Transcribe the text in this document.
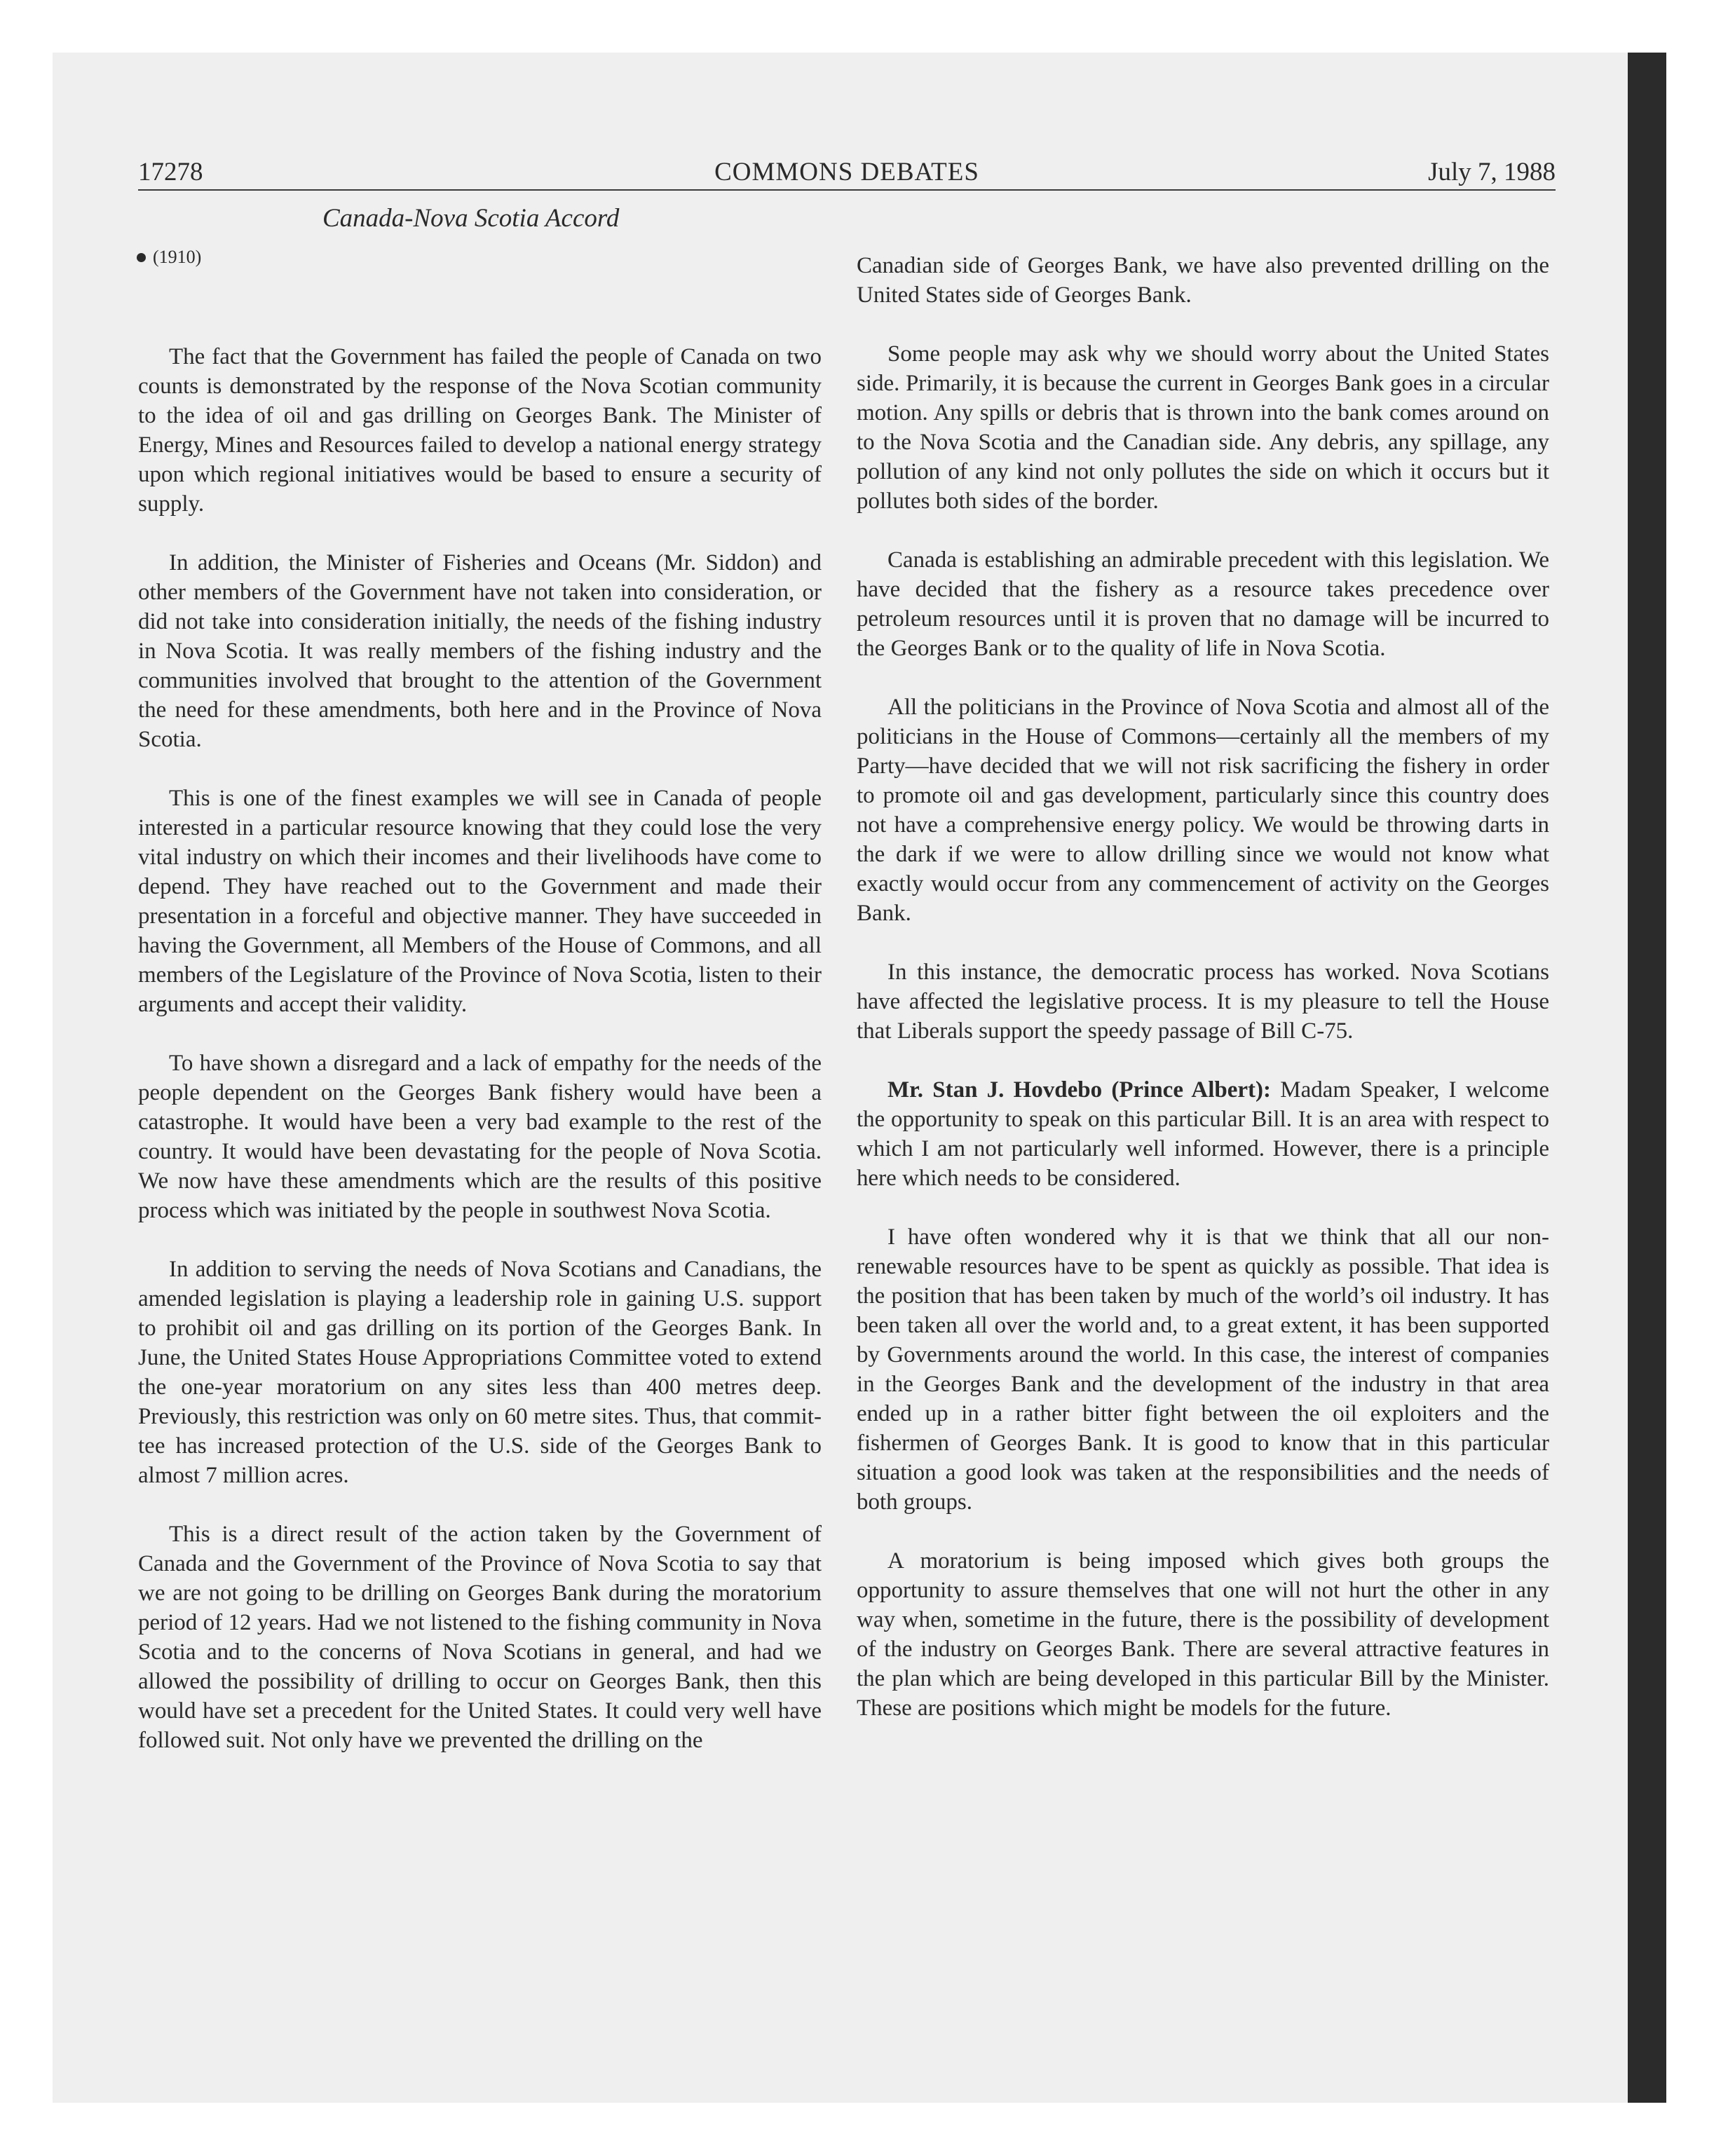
17278	COMMONS DEBATES	July 7, 1988
Canada-Nova Scotia Accord
(1910)

The fact that the Government has failed the people of Canada on two counts is demonstrated by the response of the Nova Scotian community to the idea of oil and gas drilling on Georges Bank. The Minister of Energy, Mines and Resources failed to develop a national energy strategy upon which regional initiatives would be based to ensure a security of supply.

In addition, the Minister of Fisheries and Oceans (Mr. Siddon) and other members of the Government have not taken into consideration, or did not take into consideration initially, the needs of the fishing industry in Nova Scotia. It was really members of the fishing industry and the communities involved that brought to the attention of the Government the need for these amendments, both here and in the Province of Nova Scotia.

This is one of the finest examples we will see in Canada of people interested in a particular resource knowing that they could lose the very vital industry on which their incomes and their livelihoods have come to depend. They have reached out to the Government and made their presentation in a forceful and objective manner. They have succeeded in having the Government, all Members of the House of Commons, and all members of the Legislature of the Province of Nova Scotia, listen to their arguments and accept their validity.

To have shown a disregard and a lack of empathy for the needs of the people dependent on the Georges Bank fishery would have been a catastrophe. It would have been a very bad example to the rest of the country. It would have been devastating for the people of Nova Scotia. We now have these amendments which are the results of this positive process which was initiated by the people in southwest Nova Scotia.

In addition to serving the needs of Nova Scotians and Canadians, the amended legislation is playing a leadership role in gaining U.S. support to prohibit oil and gas drilling on its portion of the Georges Bank. In June, the United States House Appropriations Committee voted to extend the one-year moratorium on any sites less than 400 metres deep. Previously, this restriction was only on 60 metre sites. Thus, that committee has increased protection of the U.S. side of the Georges Bank to almost 7 million acres.

This is a direct result of the action taken by the Government of Canada and the Government of the Province of Nova Scotia to say that we are not going to be drilling on Georges Bank during the moratorium period of 12 years. Had we not listened to the fishing community in Nova Scotia and to the concerns of Nova Scotians in general, and had we allowed the possibility of drilling to occur on Georges Bank, then this would have set a precedent for the United States. It could very well have followed suit. Not only have we prevented the drilling on the

Canadian side of Georges Bank, we have also prevented drilling on the United States side of Georges Bank.

Some people may ask why we should worry about the United States side. Primarily, it is because the current in Georges Bank goes in a circular motion. Any spills or debris that is thrown into the bank comes around on to the Nova Scotia and the Canadian side. Any debris, any spillage, any pollution of any kind not only pollutes the side on which it occurs but it pollutes both sides of the border.

Canada is establishing an admirable precedent with this legislation. We have decided that the fishery as a resource takes precedence over petroleum resources until it is proven that no damage will be incurred to the Georges Bank or to the quality of life in Nova Scotia.

All the politicians in the Province of Nova Scotia and almost all of the politicians in the House of Commons—certainly all the members of my Party—have decided that we will not risk sacrificing the fishery in order to promote oil and gas development, particularly since this country does not have a comprehensive energy policy. We would be throwing darts in the dark if we were to allow drilling since we would not know what exactly would occur from any commencement of activity on the Georges Bank.

In this instance, the democratic process has worked. Nova Scotians have affected the legislative process. It is my pleasure to tell the House that Liberals support the speedy passage of Bill C-75.

Mr. Stan J. Hovdebo (Prince Albert): Madam Speaker, I welcome the opportunity to speak on this particular Bill. It is an area with respect to which I am not particularly well informed. However, there is a principle here which needs to be considered.

I have often wondered why it is that we think that all our non-renewable resources have to be spent as quickly as possible. That idea is the position that has been taken by much of the world’s oil industry. It has been taken all over the world and, to a great extent, it has been supported by Governments around the world. In this case, the interest of companies in the Georges Bank and the development of the industry in that area ended up in a rather bitter fight between the oil exploiters and the fishermen of Georges Bank. It is good to know that in this particular situation a good look was taken at the responsibilities and the needs of both groups.

A moratorium is being imposed which gives both groups the opportunity to assure themselves that one will not hurt the other in any way when, sometime in the future, there is the possibility of development of the industry on Georges Bank. There are several attractive features in the plan which are being developed in this particular Bill by the Minister. These are positions which might be models for the future.
